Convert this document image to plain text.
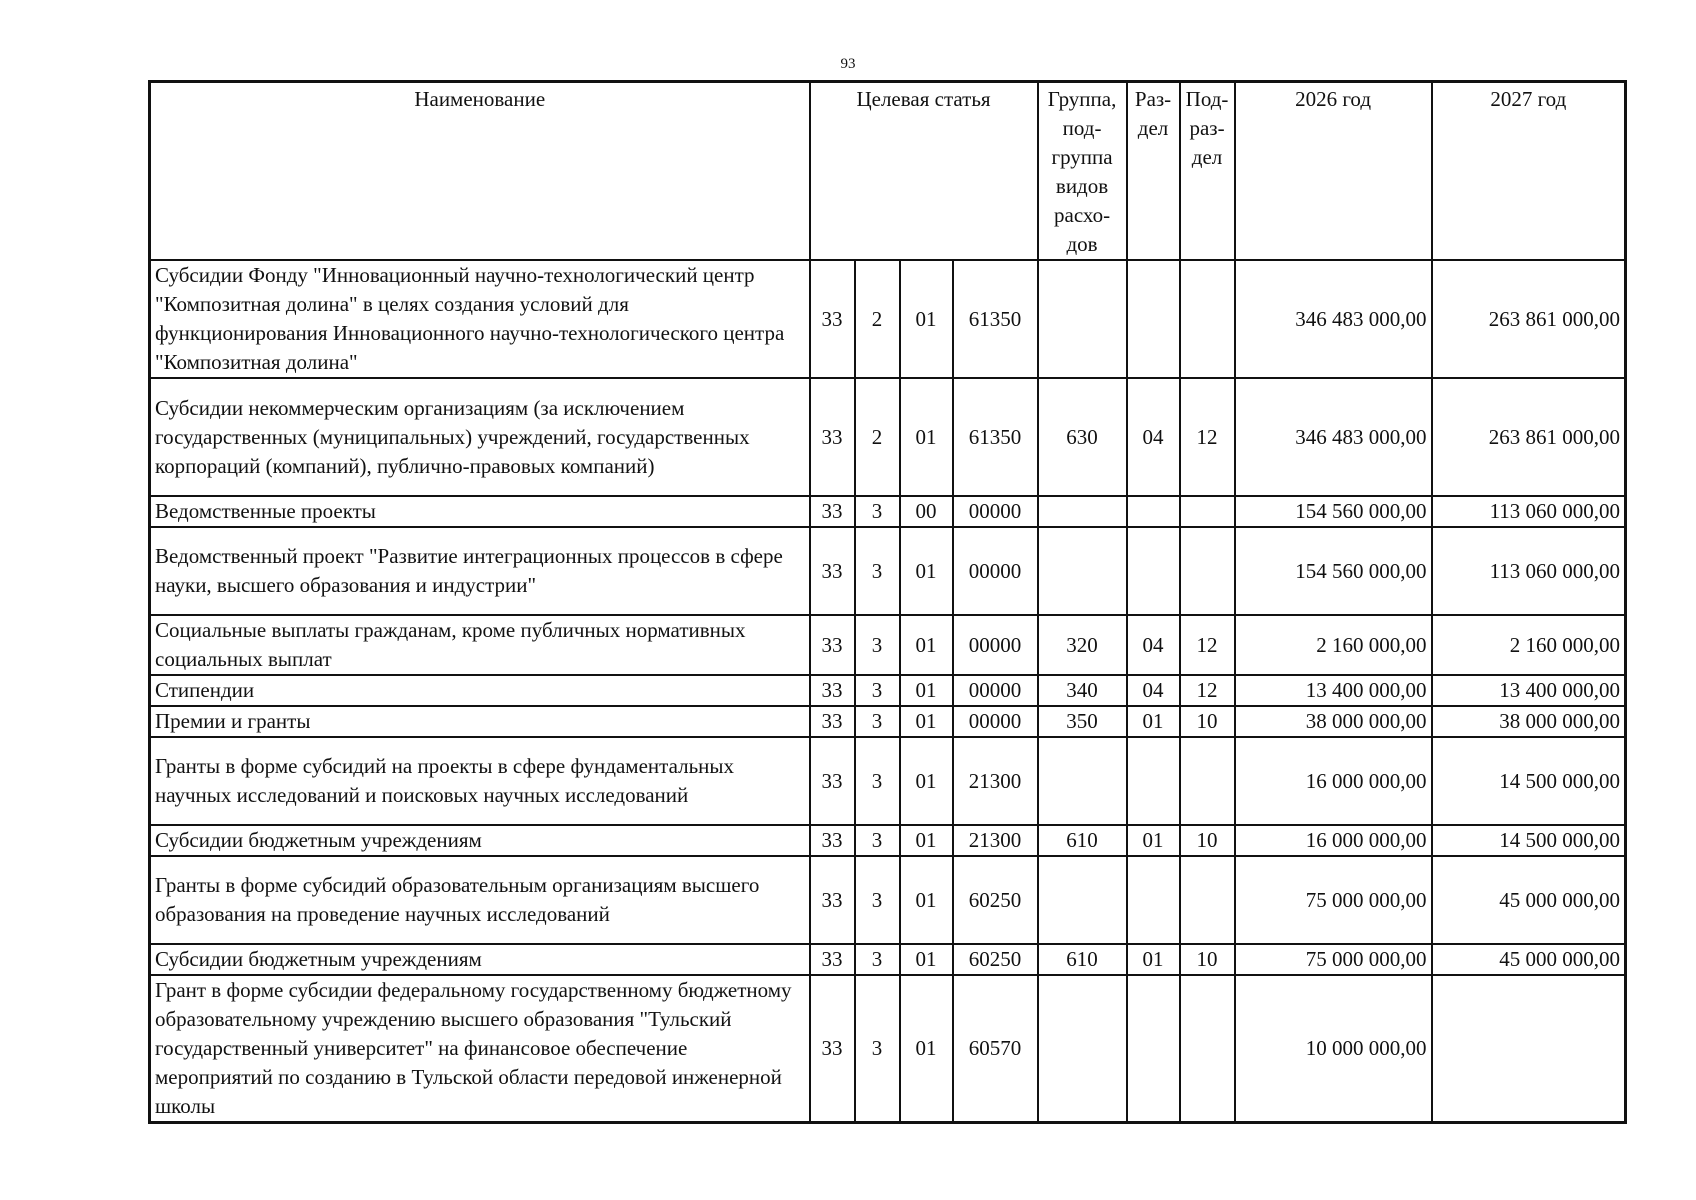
93
Наименование	Целевая статья				Группа, под-группа видов расхо-дов	Раз-дел	Под-раз-дел	2026 год	2027 год
Субсидии Фонду "Инновационный научно-технологический центр "Композитная долина" в целях создания условий для функционирования Инновационного научно-технологического центра "Композитная долина"	33	2	01	61350				346 483 000,00	263 861 000,00
Субсидии некоммерческим организациям (за исключением государственных (муниципальных) учреждений, государственных корпораций (компаний), публично-правовых компаний)	33	2	01	61350	630	04	12	346 483 000,00	263 861 000,00
Ведомственные проекты	33	3	00	00000				154 560 000,00	113 060 000,00
Ведомственный проект "Развитие интеграционных процессов в сфере науки, высшего образования и индустрии"	33	3	01	00000				154 560 000,00	113 060 000,00
Социальные выплаты гражданам, кроме публичных нормативных социальных выплат	33	3	01	00000	320	04	12	2 160 000,00	2 160 000,00
Стипендии	33	3	01	00000	340	04	12	13 400 000,00	13 400 000,00
Премии и гранты	33	3	01	00000	350	01	10	38 000 000,00	38 000 000,00
Гранты в форме субсидий на проекты в сфере фундаментальных научных исследований и поисковых научных исследований	33	3	01	21300				16 000 000,00	14 500 000,00
Субсидии бюджетным учреждениям	33	3	01	21300	610	01	10	16 000 000,00	14 500 000,00
Гранты в форме субсидий образовательным организациям высшего образования на проведение научных исследований	33	3	01	60250				75 000 000,00	45 000 000,00
Субсидии бюджетным учреждениям	33	3	01	60250	610	01	10	75 000 000,00	45 000 000,00
Грант в форме субсидии федеральному государственному бюджетному образовательному учреждению высшего образования "Тульский государственный университет" на финансовое обеспечение мероприятий по созданию в Тульской области передовой инженерной школы	33	3	01	60570				10 000 000,00	
